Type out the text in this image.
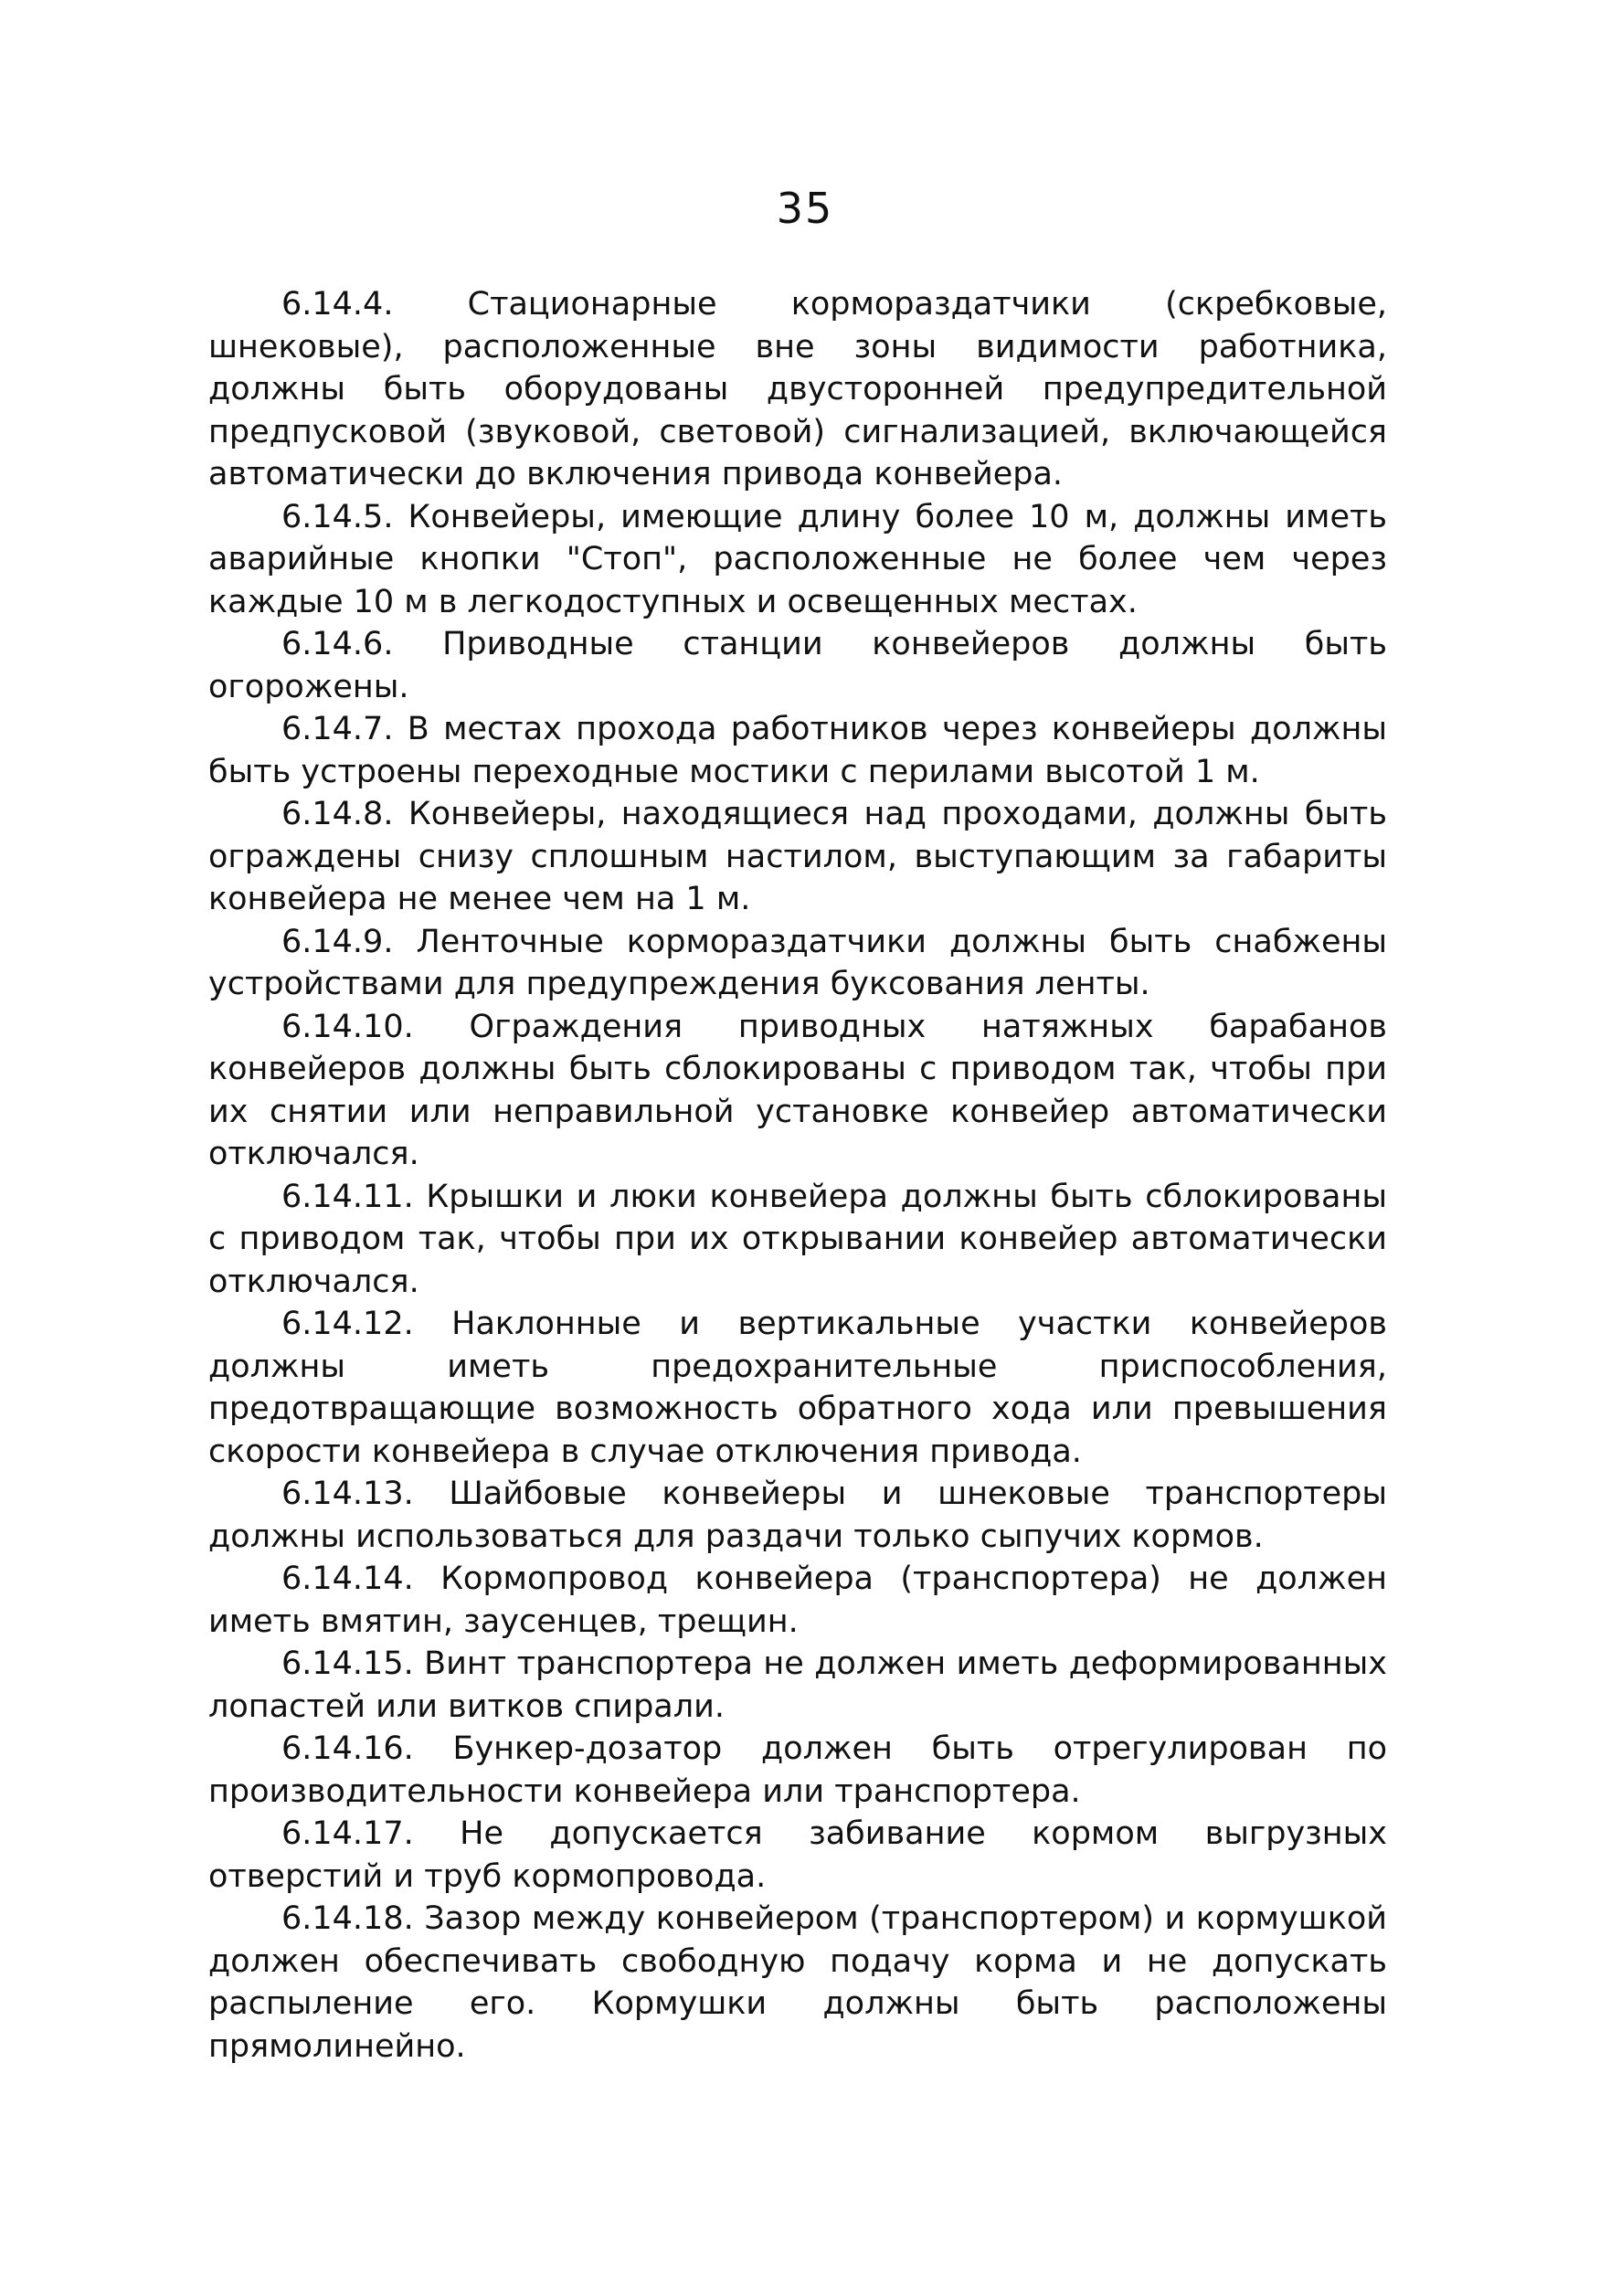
35

6.14.4. Стационарные кормораздатчики (скребковые, шнековые), расположенные вне зоны видимости работника, должны быть оборудованы двусторонней предупредительной предпусковой (звуковой, световой) сигнализацией, включающейся автоматически до включения привода конвейера.

6.14.5. Конвейеры, имеющие длину более 10 м, должны иметь аварийные кнопки "Стоп", расположенные не более чем через каждые 10 м в легкодоступных и освещенных местах.

6.14.6. Приводные станции конвейеров должны быть огорожены.

6.14.7. В местах прохода работников через конвейеры должны быть устроены переходные мостики с перилами высотой 1 м.

6.14.8. Конвейеры, находящиеся над проходами, должны быть ограждены снизу сплошным настилом, выступающим за габариты конвейера не менее чем на 1 м.

6.14.9. Ленточные кормораздатчики должны быть снабжены устройствами для предупреждения буксования ленты.

6.14.10. Ограждения приводных натяжных барабанов конвейеров должны быть сблокированы с приводом так, чтобы при их снятии или неправильной установке конвейер автоматически отключался.

6.14.11. Крышки и люки конвейера должны быть сблокированы с приводом так, чтобы при их открывании конвейер автоматически отключался.

6.14.12. Наклонные и вертикальные участки конвейеров должны иметь предохранительные приспособления, предотвращающие возможность обратного хода или превышения скорости конвейера в случае отключения привода.

6.14.13. Шайбовые конвейеры и шнековые транспортеры должны использоваться для раздачи только сыпучих кормов.

6.14.14. Кормопровод конвейера (транспортера) не должен иметь вмятин, заусенцев, трещин.

6.14.15. Винт транспортера не должен иметь деформированных лопастей или витков спирали.

6.14.16. Бункер-дозатор должен быть отрегулирован по производительности конвейера или транспортера.

6.14.17. Не допускается забивание кормом выгрузных отверстий и труб кормопровода.

6.14.18. Зазор между конвейером (транспортером) и кормушкой должен обеспечивать свободную подачу корма и не допускать распыление его. Кормушки должны быть расположены прямолинейно.
